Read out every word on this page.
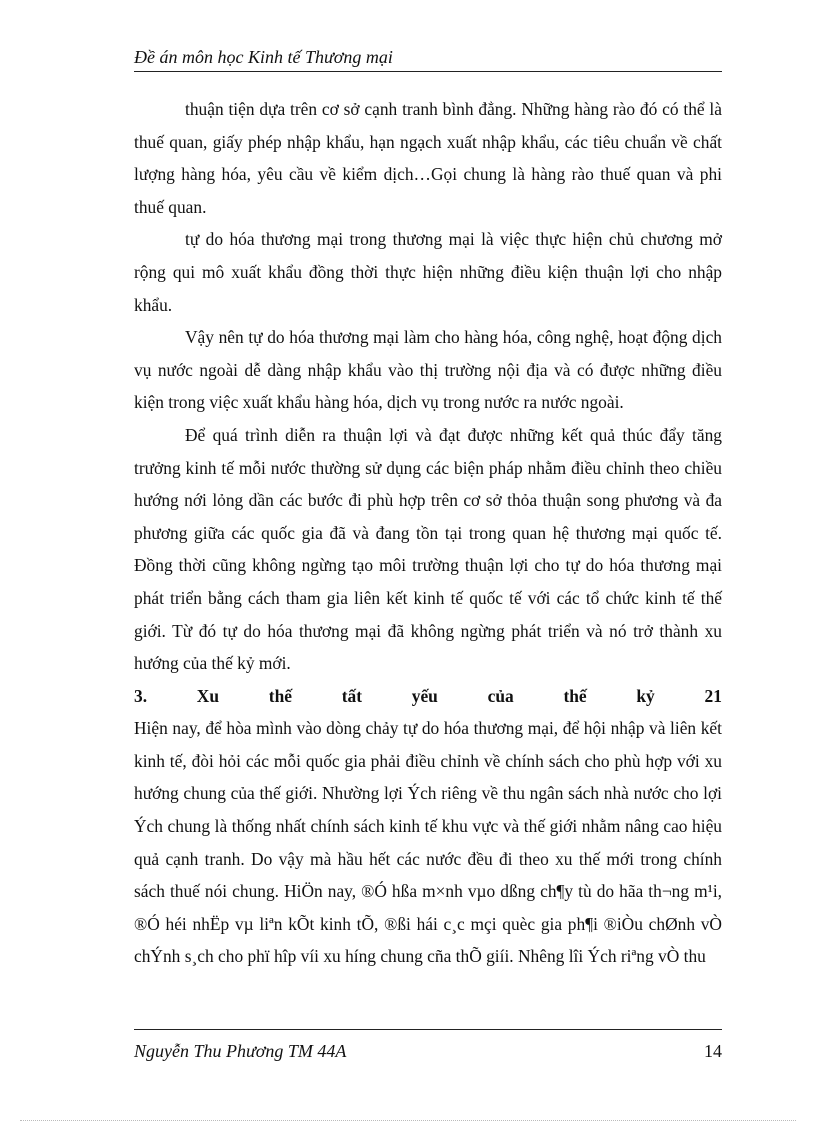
Đề án môn học Kinh tế Thương mại

thuận tiện dựa trên cơ sở cạnh tranh bình đẳng. Những hàng rào đó có thể là thuế quan, giấy phép nhập khẩu, hạn ngạch xuất nhập khẩu, các tiêu chuẩn về chất lượng hàng hóa, yêu cầu về kiểm dịch…Gọi chung là hàng rào thuế quan và phi thuế quan.

tự do hóa thương mại trong thương mại là việc thực hiện chủ chương mở rộng qui mô xuất khẩu đồng thời thực hiện những điều kiện thuận lợi cho nhập khẩu.

Vậy nên tự do hóa thương mại làm cho hàng hóa, công nghệ, hoạt động dịch vụ nước ngoài dễ dàng nhập khẩu vào thị trường nội địa và có được những điều kiện trong việc xuất khẩu hàng hóa, dịch vụ trong nước ra nước ngoài.

Để quá trình diễn ra thuận lợi và đạt được những kết quả thúc đẩy tăng trưởng kinh tế mỗi nước thường sử dụng các biện pháp nhằm điều chỉnh theo chiều hướng nới lỏng dần các bước đi phù hợp trên cơ sở thỏa thuận song phương và đa phương giữa các quốc gia đã và đang tồn tại trong quan hệ thương mại quốc tế. Đồng thời cũng không ngừng tạo môi trường thuận lợi cho tự do hóa thương mại phát triển bằng cách tham gia liên kết kinh tế quốc tế với các tổ chức kinh tế thế giới. Từ đó tự do hóa thương mại đã không ngừng phát triển và nó trở thành xu hướng của thế kỷ mới.

3.	Xu	thế	tất	yếu	của	thế	kỷ	21

Hiện nay, để hòa mình vào dòng chảy tự do hóa thương mại, để hội nhập và liên kết kinh tế, đòi hỏi các mỗi quốc gia phải điều chỉnh về chính sách cho phù hợp với xu hướng chung của thế giới. Nhường lợi Ých riêng về thu ngân sách nhà nước cho lợi Ých chung là thống nhất chính sách kinh tế khu vực và thế giới nhằm nâng cao hiệu quả cạnh tranh. Do vậy mà hầu hết các nước đều đi theo xu thế mới trong chính sách thuế nói chung. HiÖn nay, ®Ó hßa m×nh vµo dßng ch¶y tù do hãa th¬ng m¹i, ®Ó héi nhËp vµ liªn kÕt kinh tÕ, ®ßi hái c¸c mçi quèc gia ph¶i ®iÒu chØnh vÒ chÝnh s¸ch cho phï hîp víi xu híng chung cña thÕ giíi. Nhêng lîi Ých riªng vÒ thu

Nguyễn Thu Phương TM 44A	14
